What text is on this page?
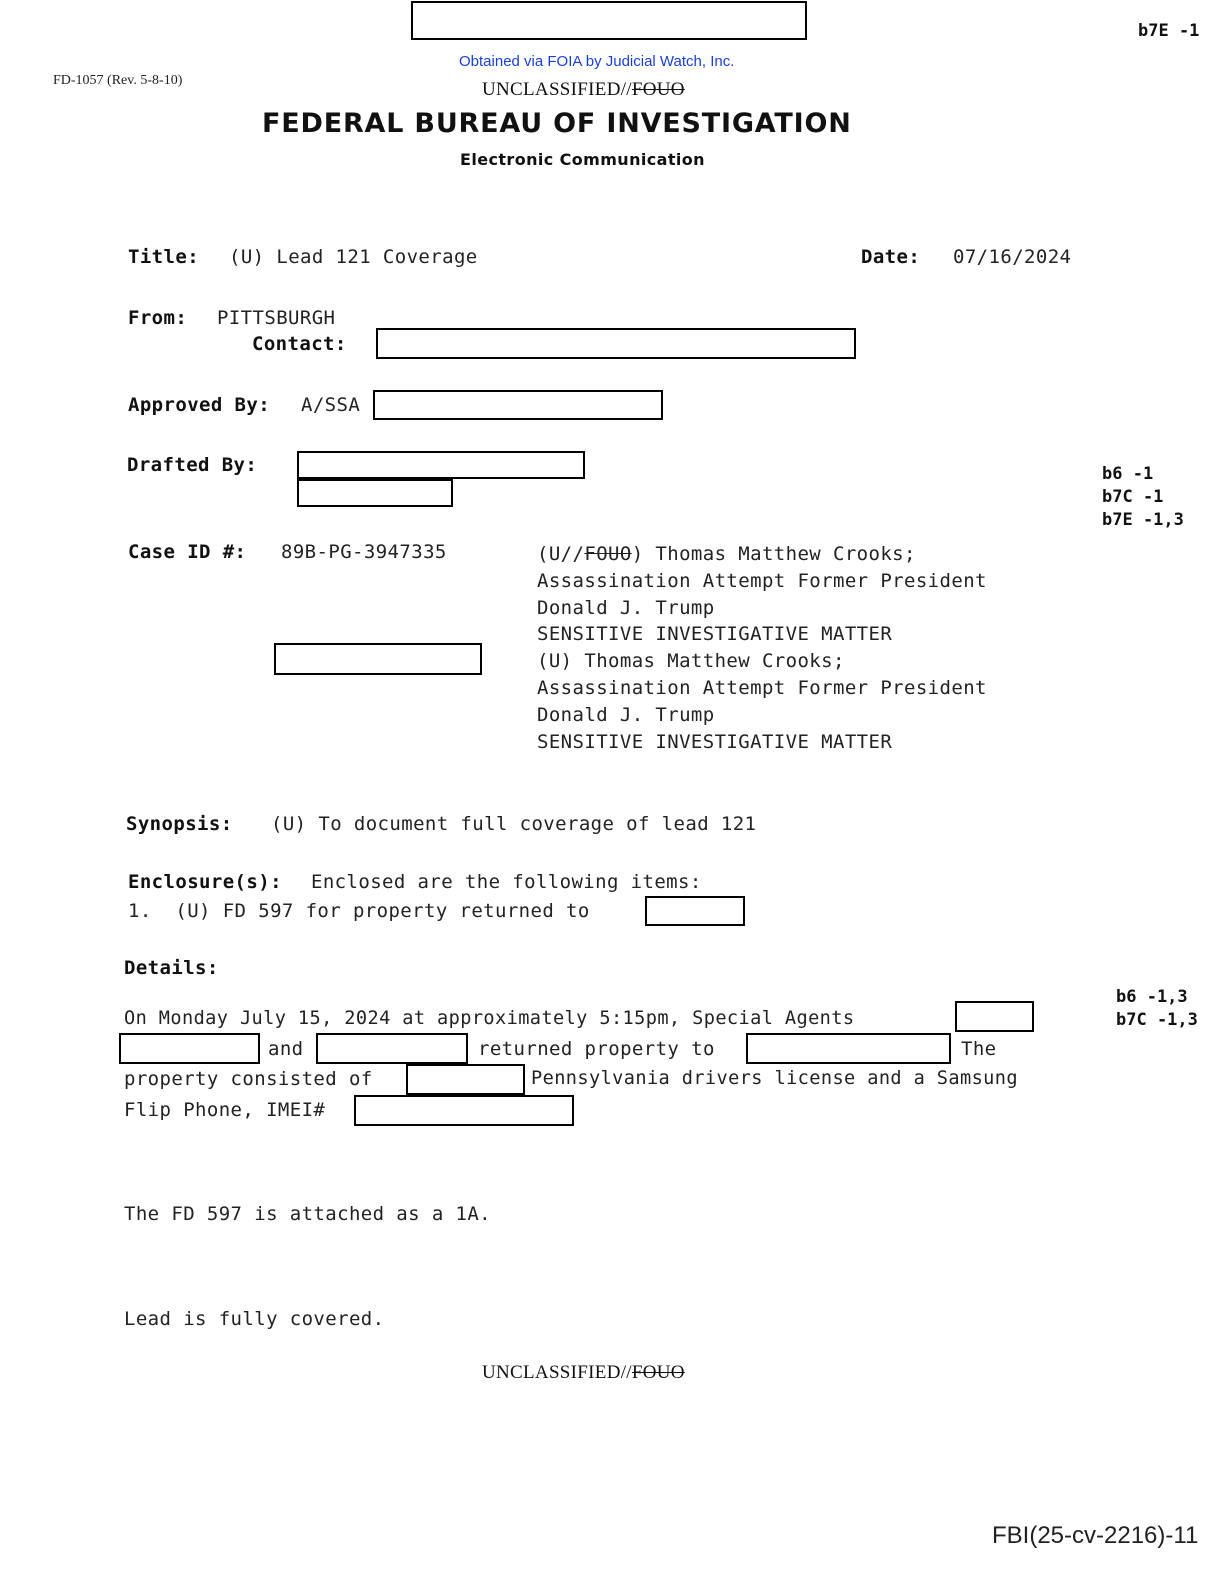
b7E -1
FD-1057 (Rev. 5-8-10)
Obtained via FOIA by Judicial Watch, Inc.
UNCLASSIFIED//FOUO
FEDERAL BUREAU OF INVESTIGATION
Electronic Communication
Title: (U) Lead 121 Coverage	Date: 07/16/2024
From: PITTSBURGH
Contact:
Approved By: A/SSA
Drafted By:	b6 -1
b7C -1
b7E -1,3
Case ID #: 89B-PG-3947335	(U//FOUO) Thomas Matthew Crooks;
Assassination Attempt Former President
Donald J. Trump
SENSITIVE INVESTIGATIVE MATTER
(U) Thomas Matthew Crooks;
Assassination Attempt Former President
Donald J. Trump
SENSITIVE INVESTIGATIVE MATTER
Synopsis: (U) To document full coverage of lead 121
Enclosure(s): Enclosed are the following items:
1.  (U) FD 597 for property returned to
Details:
b6 -1,3
b7C -1,3
On Monday July 15, 2024 at approximately 5:15pm, Special Agents
and	returned property to	The
property consisted of	Pennsylvania drivers license and a Samsung
Flip Phone, IMEI#
The FD 597 is attached as a 1A.
Lead is fully covered.
UNCLASSIFIED//FOUO
FBI(25-cv-2216)-11
